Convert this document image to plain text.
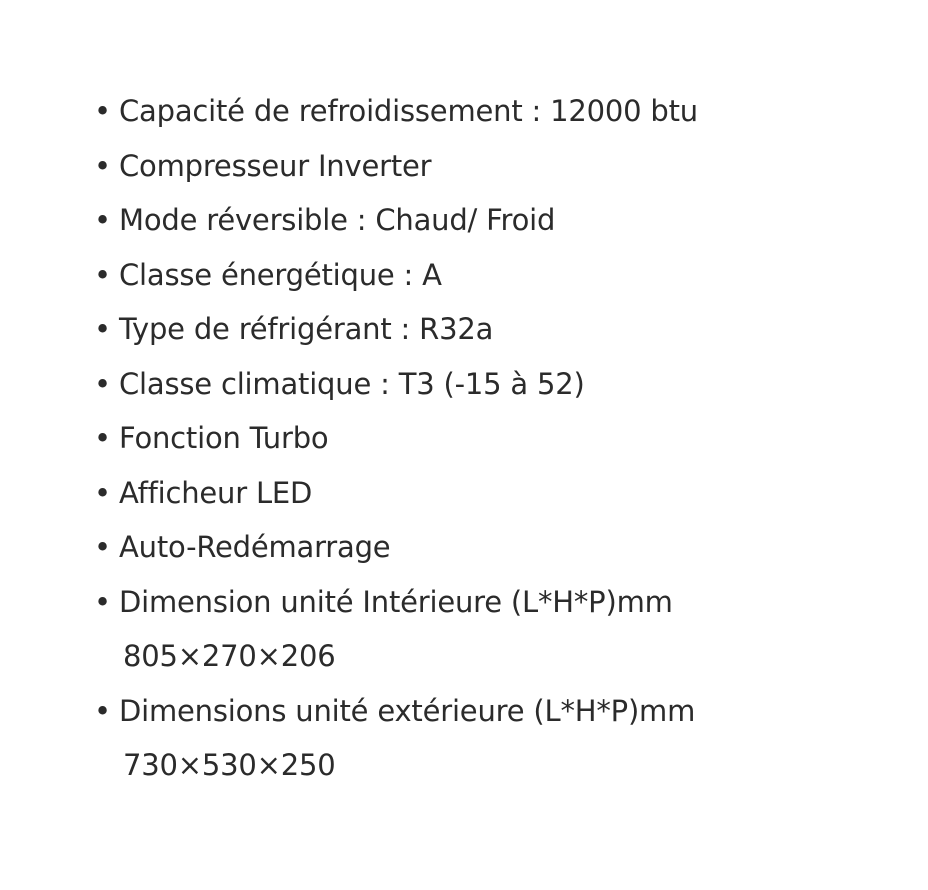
• Capacité de refroidissement : 12000 btu
• Compresseur Inverter
• Mode réversible : Chaud/ Froid
• Classe énergétique : A
• Type de réfrigérant : R32a
• Classe climatique : T3 (-15 à 52)
• Fonction Turbo
• Afficheur LED
• Auto-Redémarrage
• Dimension unité Intérieure (L*H*P)mm
805×270×206
• Dimensions unité extérieure (L*H*P)mm
730×530×250
